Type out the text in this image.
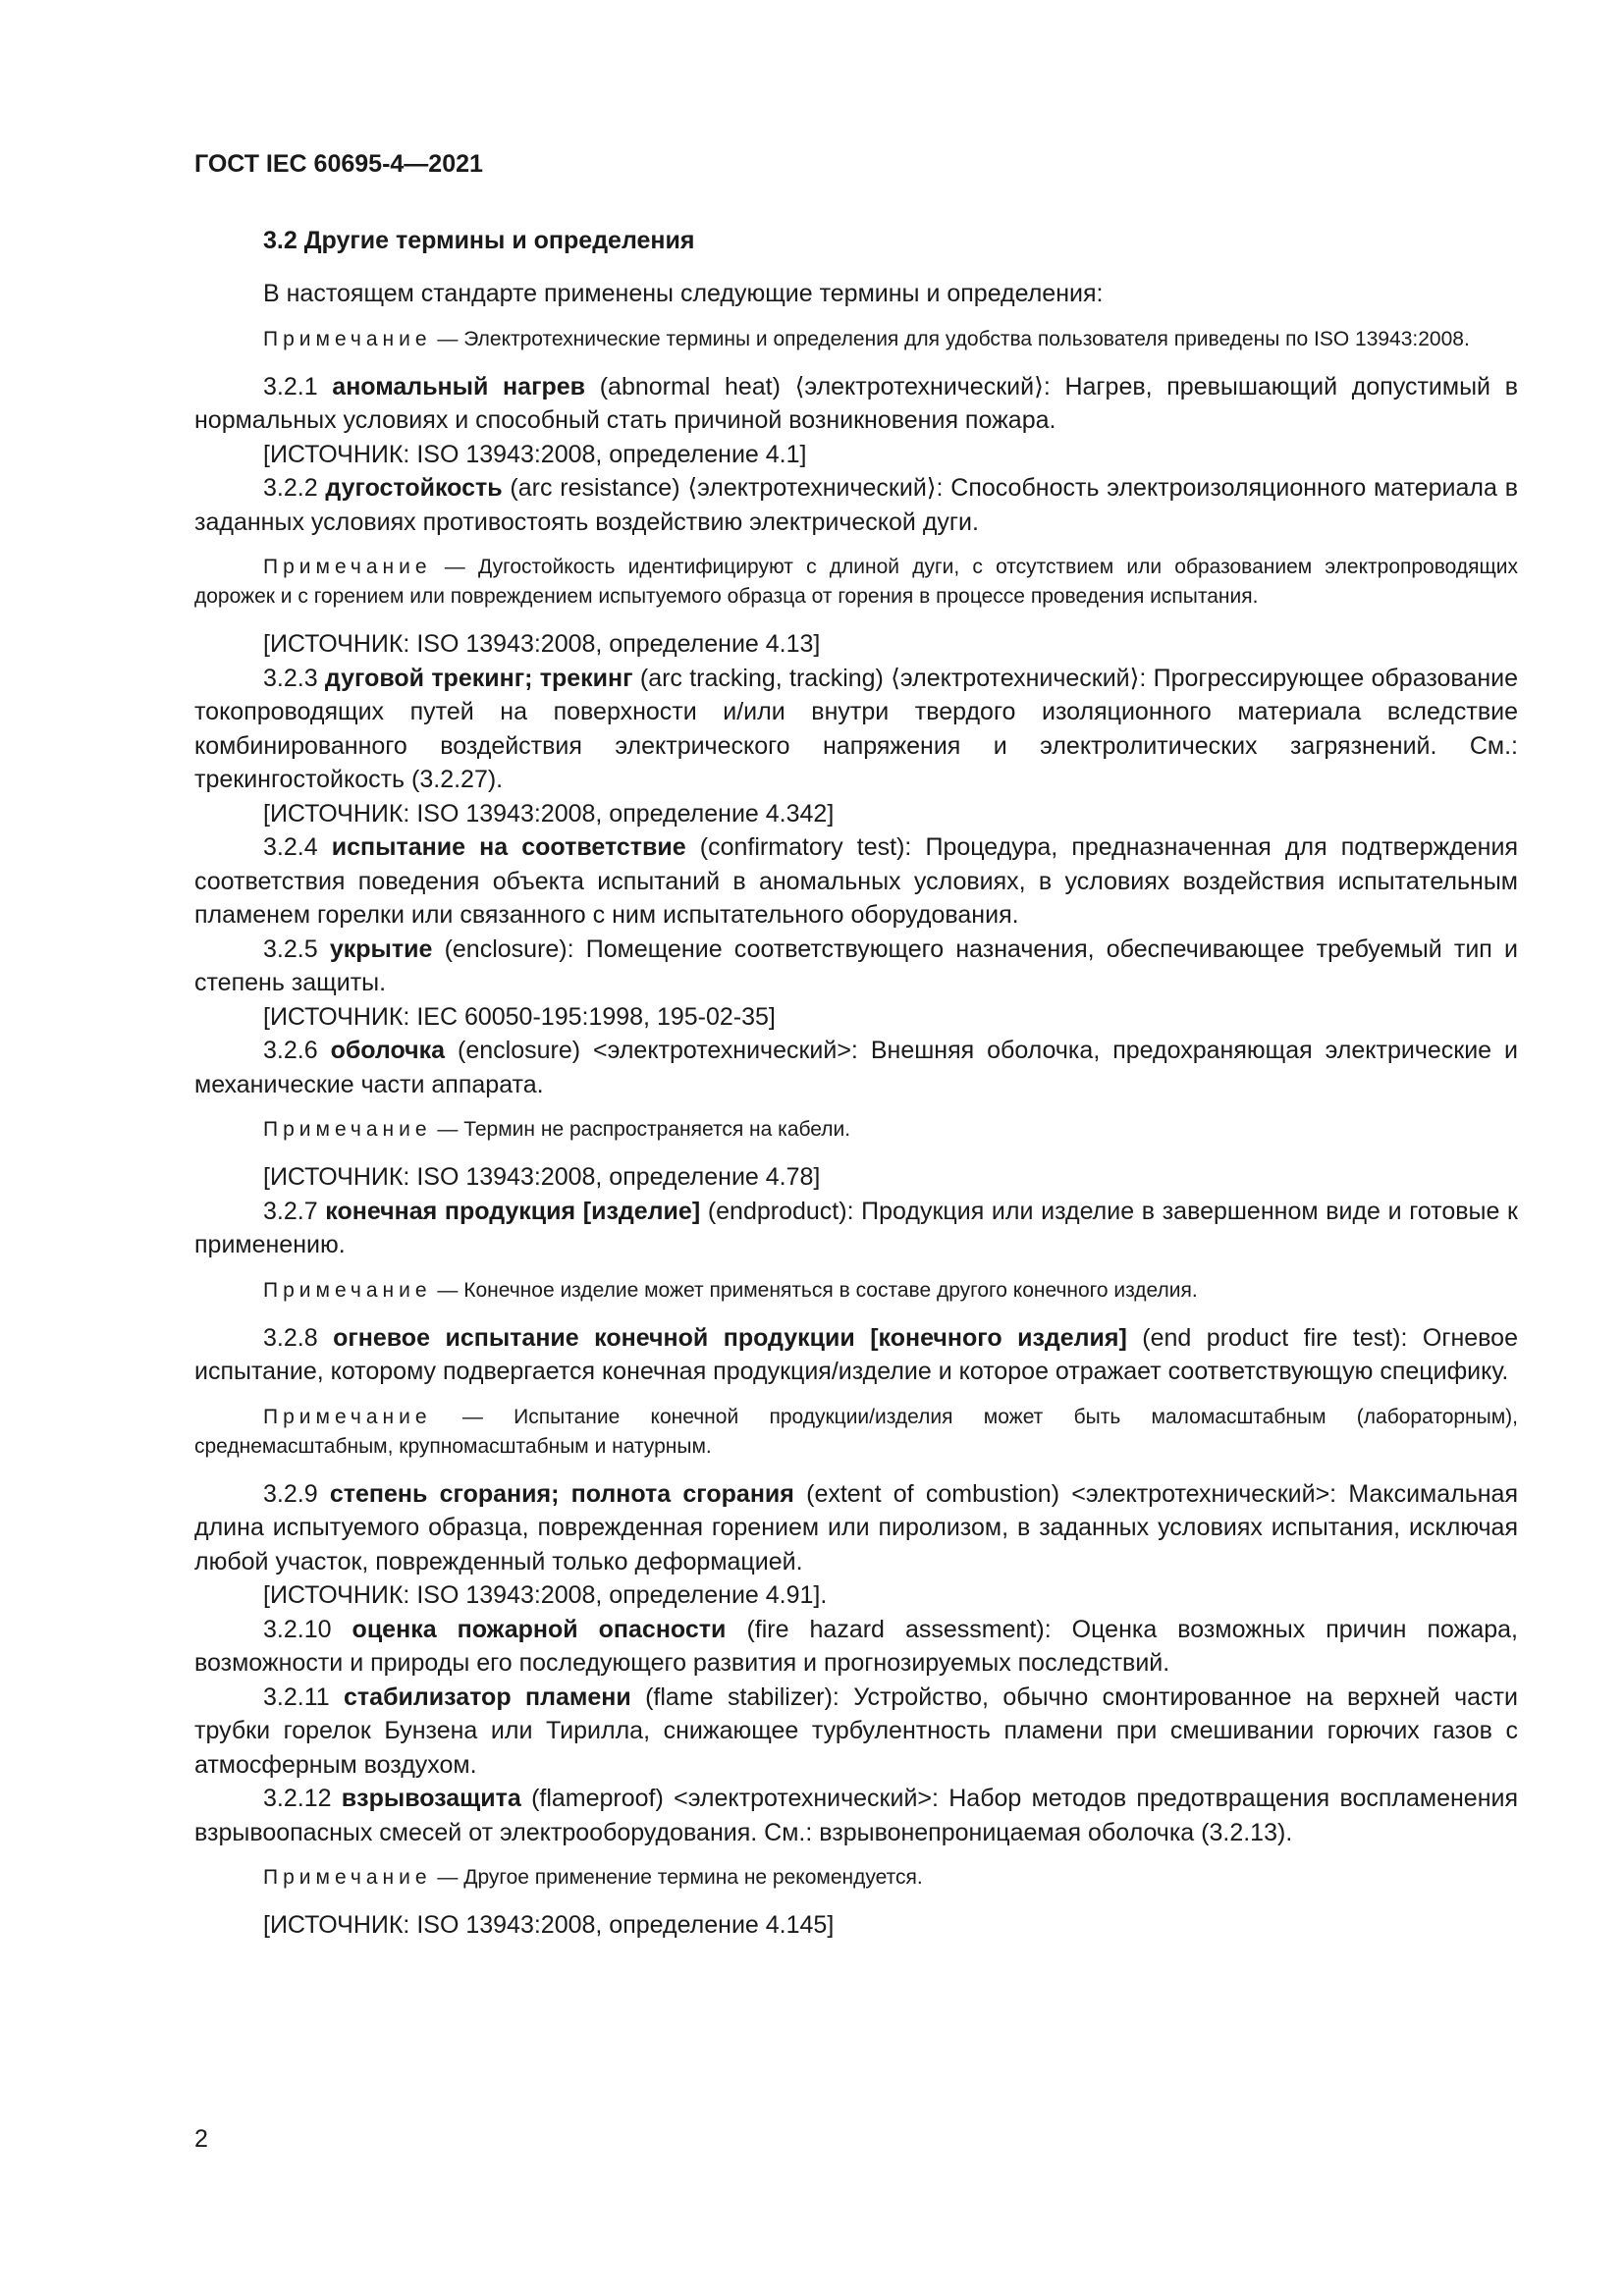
ГОСТ IEC 60695-4—2021
3.2 Другие термины и определения

В настоящем стандарте применены следующие термины и определения:

Примечание — Электротехнические термины и определения для удобства пользователя приведены по ISO 13943:2008.

3.2.1 аномальный нагрев (abnormal heat) ⟨электротехнический⟩: Нагрев, превышающий допустимый в нормальных условиях и способный стать причиной возникновения пожара.

[ИСТОЧНИК: ISO 13943:2008, определение 4.1]

3.2.2 дугостойкость (arc resistance) ⟨электротехнический⟩: Способность электроизоляционного материала в заданных условиях противостоять воздействию электрической дуги.

Примечание — Дугостойкость идентифицируют с длиной дуги, с отсутствием или образованием электропроводящих дорожек и с горением или повреждением испытуемого образца от горения в процессе проведения испытания.
[ИСТОЧНИК: ISO 13943:2008, определение 4.13]

3.2.3 дуговой трекинг; трекинг (arc tracking, tracking) ⟨электротехнический⟩: Прогрессирующее образование токопроводящих путей на поверхности и/или внутри твердого изоляционного материала вследствие комбинированного воздействия электрического напряжения и электролитических загрязнений. См.: трекингостойкость (3.2.27).

[ИСТОЧНИК: ISO 13943:2008, определение 4.342]

3.2.4 испытание на соответствие (confirmatory test): Процедура, предназначенная для подтверждения соответствия поведения объекта испытаний в аномальных условиях, в условиях воздействия испытательным пламенем горелки или связанного с ним испытательного оборудования.

3.2.5 укрытие (enclosure): Помещение соответствующего назначения, обеспечивающее требуемый тип и степень защиты.

[ИСТОЧНИК: IEC 60050-195:1998, 195-02-35]

3.2.6 оболочка (enclosure) <электротехнический>: Внешняя оболочка, предохраняющая электрические и механические части аппарата.

Примечание — Термин не распространяется на кабели.
[ИСТОЧНИК: ISO 13943:2008, определение 4.78]

3.2.7 конечная продукция [изделие] (endproduct): Продукция или изделие в завершенном виде и готовые к применению.

Примечание — Конечное изделие может применяться в составе другого конечного изделия.

3.2.8 огневое испытание конечной продукции [конечного изделия] (end product fire test): Огневое испытание, которому подвергается конечная продукция/изделие и которое отражает соответствующую специфику.

Примечание — Испытание конечной продукции/изделия может быть маломасштабным (лабораторным), среднемасштабным, крупномасштабным и натурным.

3.2.9 степень сгорания; полнота сгорания (extent of combustion) <электротехнический>: Максимальная длина испытуемого образца, поврежденная горением или пиролизом, в заданных условиях испытания, исключая любой участок, поврежденный только деформацией.

[ИСТОЧНИК: ISO 13943:2008, определение 4.91].

3.2.10 оценка пожарной опасности (fire hazard assessment): Оценка возможных причин пожара, возможности и природы его последующего развития и прогнозируемых последствий.

3.2.11 стабилизатор пламени (flame stabilizer): Устройство, обычно смонтированное на верхней части трубки горелок Бунзена или Тирилла, снижающее турбулентность пламени при смешивании горючих газов с атмосферным воздухом.

3.2.12 взрывозащита (flameproof) <электротехнический>: Набор методов предотвращения воспламенения взрывоопасных смесей от электрооборудования. См.: взрывонепроницаемая оболочка (3.2.13).

Примечание — Другое применение термина не рекомендуется.
[ИСТОЧНИК: ISO 13943:2008, определение 4.145]
2
